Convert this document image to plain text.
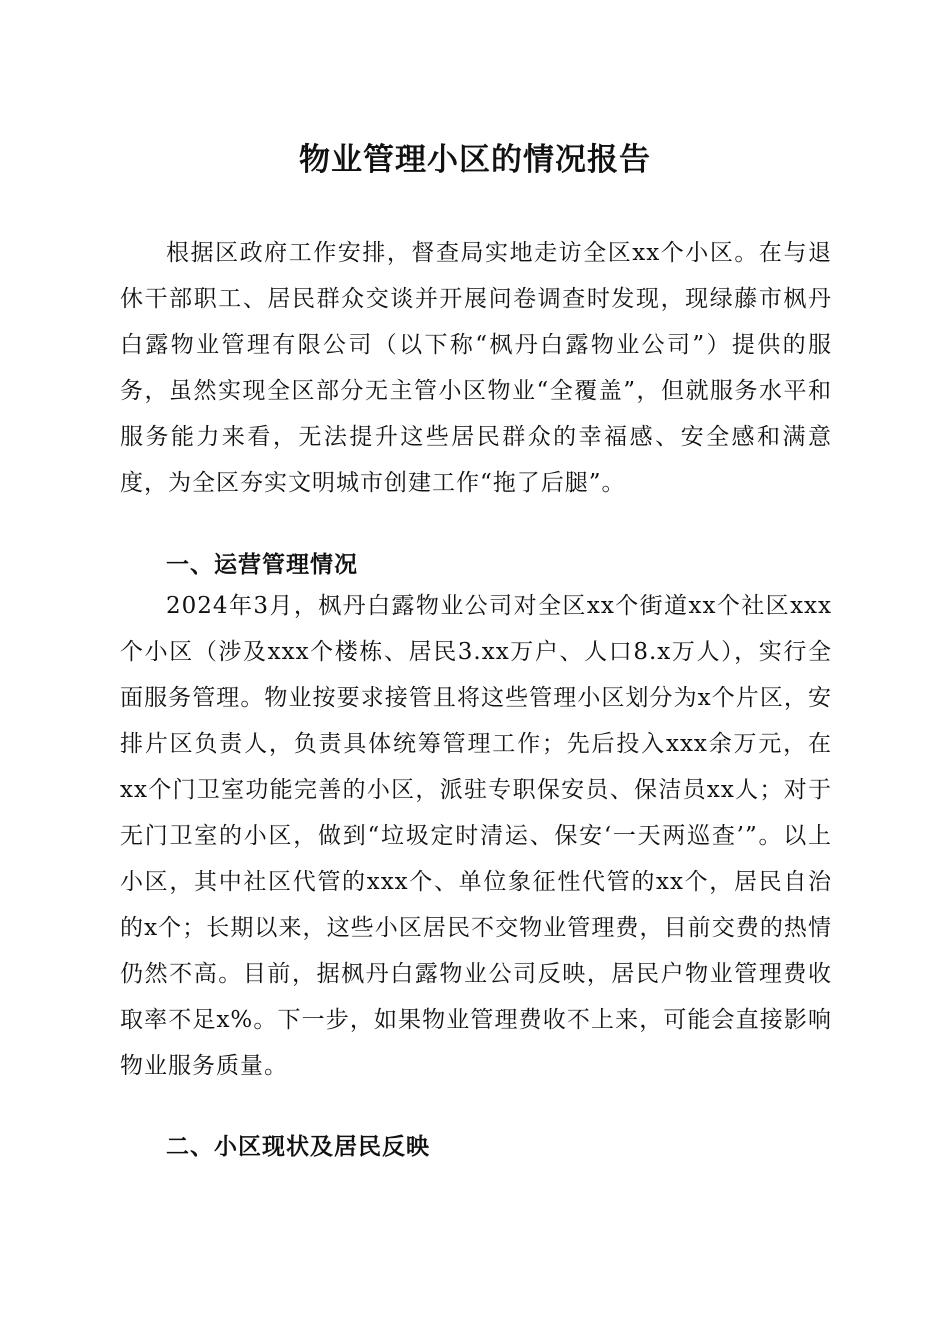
物业管理小区的情况报告

根据区政府工作安排，督查局实地走访全区xx个小区。在与退休干部职工、居民群众交谈并开展问卷调查时发现，现绿藤市枫丹白露物业管理有限公司（以下称“枫丹白露物业公司”）提供的服务，虽然实现全区部分无主管小区物业“全覆盖”，但就服务水平和服务能力来看，无法提升这些居民群众的幸福感、安全感和满意度，为全区夯实文明城市创建工作“拖了后腿”。

一、运营管理情况

2024年3月，枫丹白露物业公司对全区xx个街道xx个社区xxx个小区（涉及xxx个楼栋、居民3.xx万户、人口8.x万人），实行全面服务管理。物业按要求接管且将这些管理小区划分为x个片区，安排片区负责人，负责具体统筹管理工作；先后投入xxx余万元，在xx个门卫室功能完善的小区，派驻专职保安员、保洁员xx人；对于无门卫室的小区，做到“垃圾定时清运、保安‘一天两巡查’”。以上小区，其中社区代管的xxx个、单位象征性代管的xx个，居民自治的x个；长期以来，这些小区居民不交物业管理费，目前交费的热情仍然不高。目前，据枫丹白露物业公司反映，居民户物业管理费收取率不足x%。下一步，如果物业管理费收不上来，可能会直接影响物业服务质量。

二、小区现状及居民反映
